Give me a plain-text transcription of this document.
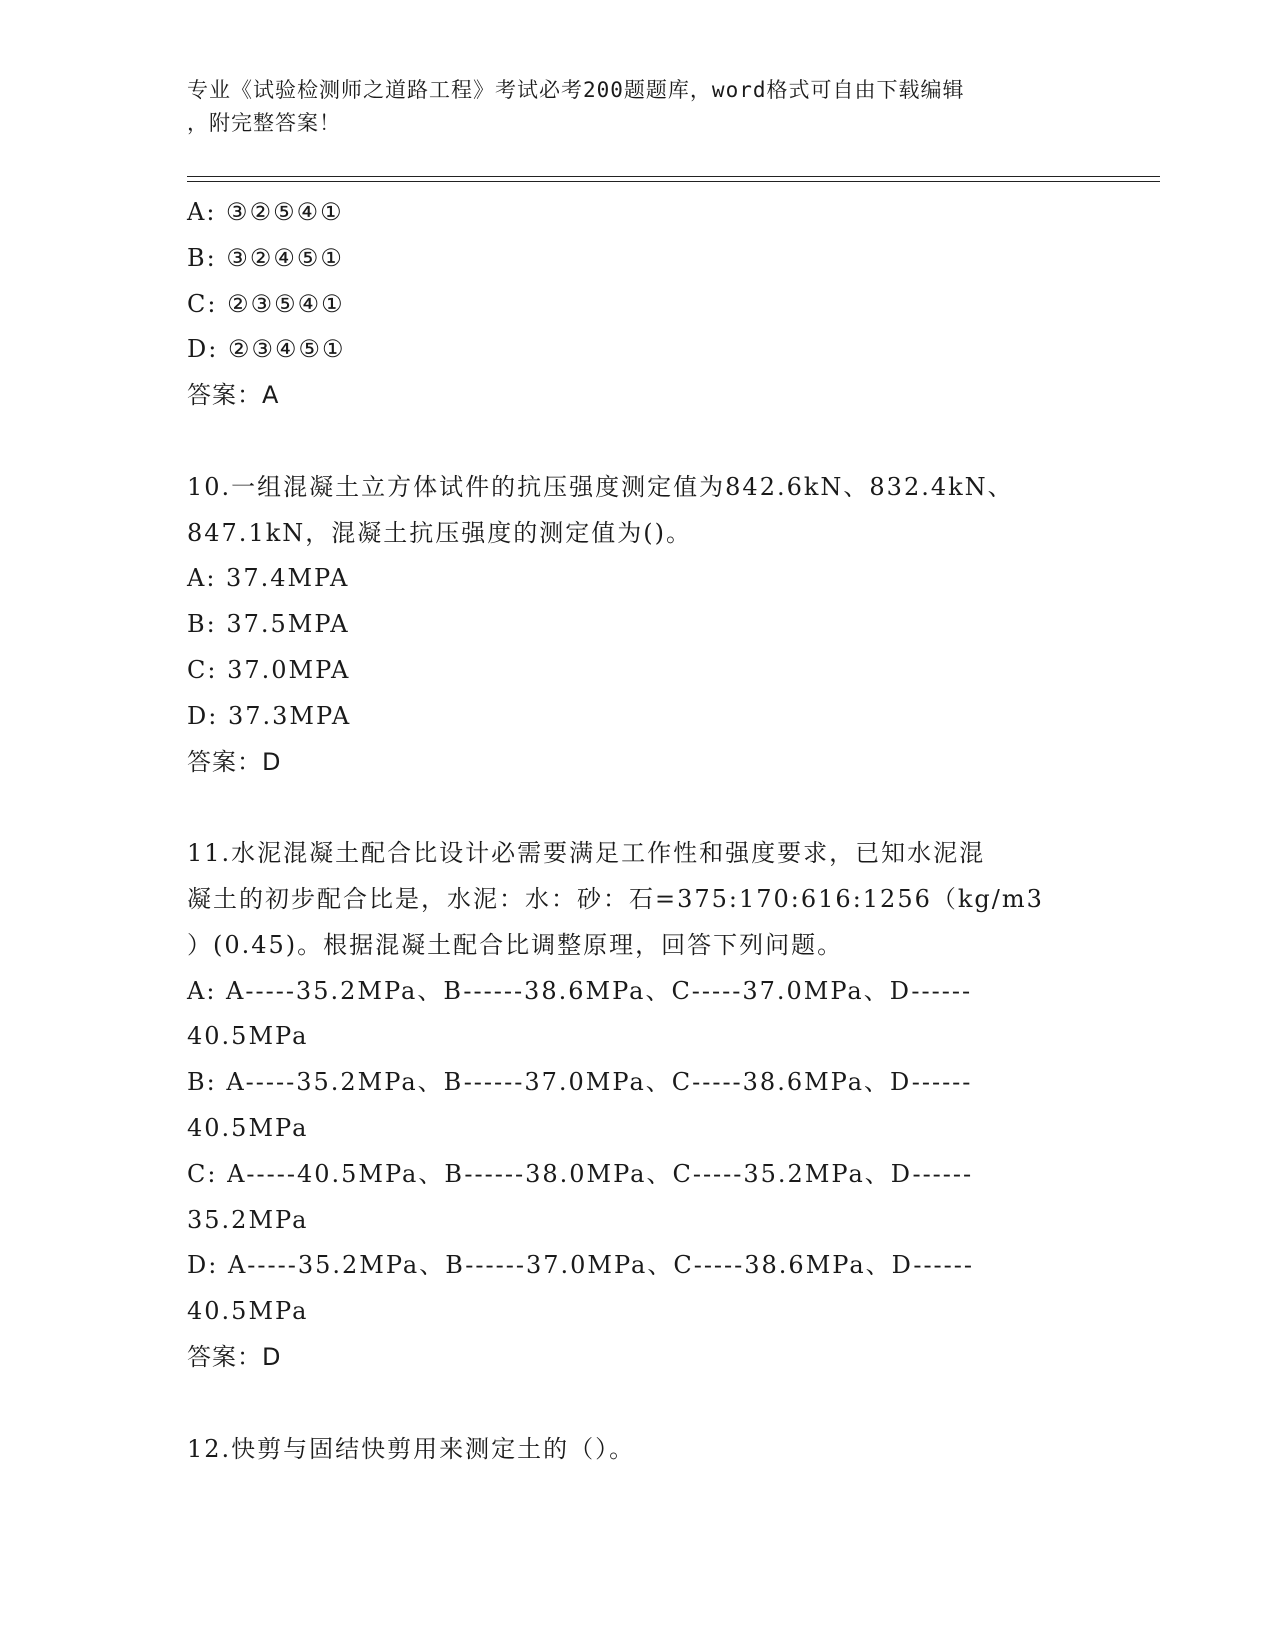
专业《试验检测师之道路工程》考试必考200题题库，word格式可自由下载编辑
，附完整答案！
A: ③②⑤④①
B: ③②④⑤①
C: ②③⑤④①
D: ②③④⑤①
答案：A
10.一组混凝土立方体试件的抗压强度测定值为842.6kN、832.4kN、
847.1kN，混凝土抗压强度的测定值为()。
A: 37.4MPA
B: 37.5MPA
C: 37.0MPA
D: 37.3MPA
答案：D
11.水泥混凝土配合比设计必需要满足工作性和强度要求，已知水泥混
凝土的初步配合比是，水泥：水：砂：石=375:170:616:1256（kg/m3
）(0.45)。根据混凝土配合比调整原理，回答下列问题。
A: A-----35.2MPa、B------38.6MPa、C-----37.0MPa、D------
40.5MPa
B: A-----35.2MPa、B------37.0MPa、C-----38.6MPa、D------
40.5MPa
C: A-----40.5MPa、B------38.0MPa、C-----35.2MPa、D------
35.2MPa
D: A-----35.2MPa、B------37.0MPa、C-----38.6MPa、D------
40.5MPa
答案：D
12.快剪与固结快剪用来测定土的（）。
